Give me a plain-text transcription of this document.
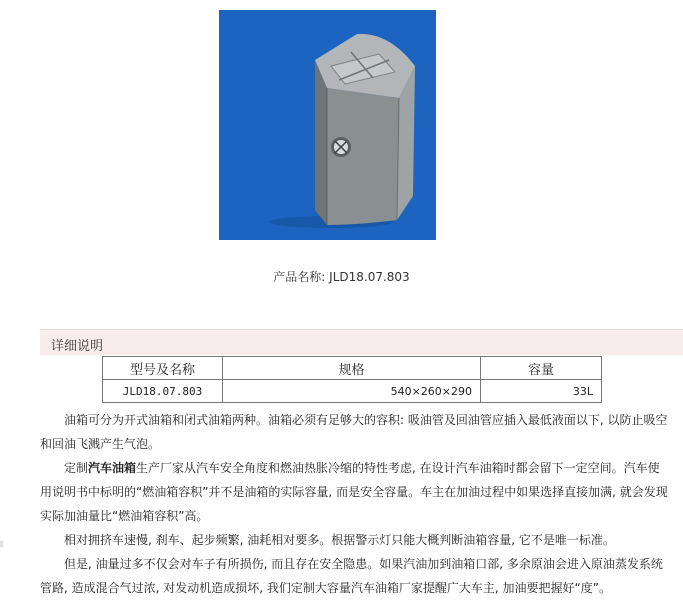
产品名称: JLD18.07.803
详细说明
型号及名称	规格	容量
JLD18.07.803	540×260×290	33L

油箱可分为开式油箱和闭式油箱两种。油箱必须有足够大的容积: 吸油管及回油管应插入最低液面以下, 以防止吸空和回油飞溅产生气泡。

定制汽车油箱生产厂家从汽车安全角度和燃油热胀冷缩的特性考虑, 在设计汽车油箱时都会留下一定空间。汽车使用说明书中标明的“燃油箱容积”并不是油箱的实际容量, 而是安全容量。车主在加油过程中如果选择直接加满, 就会发现实际加油量比“燃油箱容积”高。

相对拥挤车速慢, 刹车、起步频繁, 油耗相对要多。根据警示灯只能大概判断油箱容量, 它不是唯一标准。

但是, 油量过多不仅会对车子有所损伤, 而且存在安全隐患。如果汽油加到油箱口部, 多余原油会进入原油蒸发系统管路, 造成混合气过浓, 对发动机造成损坏, 我们定制大容量汽车油箱厂家提醒广大车主, 加油要把握好“度”。
